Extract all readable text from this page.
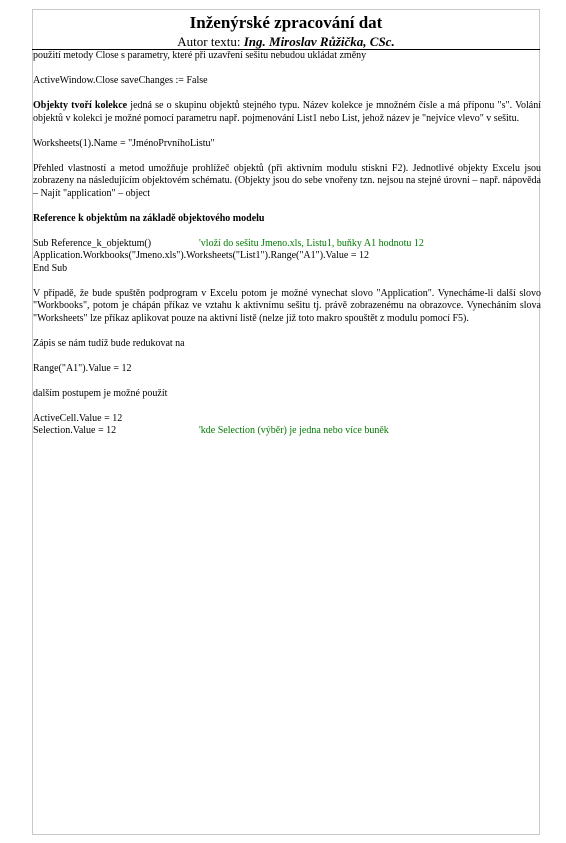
Inženýrské zpracování dat
Autor textu: Ing. Miroslav Růžička, CSc.
použití metody Close s parametry, které při uzavření sešitu nebudou ukládat změny
ActiveWindow.Close saveChanges := False
Objekty tvoří kolekce jedná se o skupinu objektů stejného typu. Název kolekce je množném čísle a má příponu "s". Volání objektů v kolekci je možné pomocí parametru např. pojmenování List1 nebo List, jehož název je "nejvíce vlevo" v sešitu.
Worksheets(1).Name = "JménoPrvníhoListu"
Přehled vlastností a metod umožňuje prohlížeč objektů (při aktivním modulu stiskni F2). Jednotlivé objekty Excelu jsou zobrazeny na následujícím objektovém schématu. (Objekty jsou do sebe vnořeny tzn. nejsou na stejné úrovni – např. nápověda – Najít "application" – object
Reference k objektům na základě objektového modelu
Sub Reference_k_objektum()	'vloží do sešitu Jmeno.xls, Listu1, buňky A1 hodnotu 12
Application.Workbooks("Jmeno.xls").Worksheets("List1").Range("A1").Value = 12
End Sub
V případě, že bude spuštěn podprogram v Excelu potom je možné vynechat slovo "Application". Vynecháme-li další slovo "Workbooks", potom je chápán příkaz ve vztahu k aktivnímu sešitu tj. právě zobrazenému na obrazovce. Vynecháním slova "Worksheets" lze příkaz aplikovat pouze na aktivní listě (nelze již toto makro spouštět z modulu pomocí F5).
Zápis se nám tudíž bude redukovat na
Range("A1").Value = 12
dalším postupem je možné použít
ActiveCell.Value = 12
Selection.Value = 12	'kde Selection (výběr) je jedna nebo více buněk
